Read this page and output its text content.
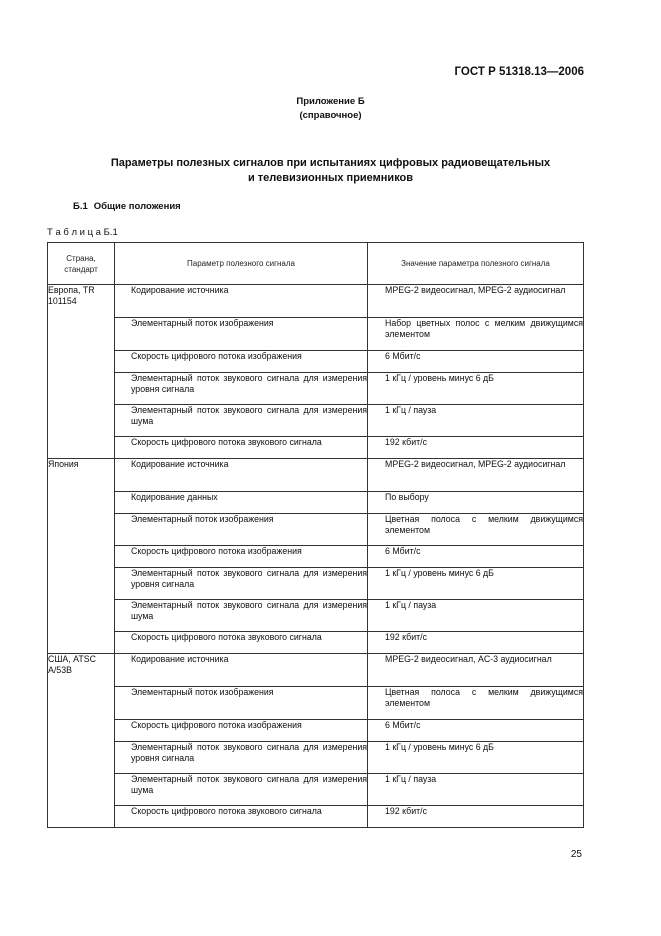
ГОСТ Р 51318.13—2006
Приложение Б
(справочное)
Параметры полезных сигналов при испытаниях цифровых радиовещательных
и телевизионных приемников
Б.1 Общие положения
Т а б л и ц а Б.1
Страна, стандарт	Параметр полезного сигнала	Значение параметра полезного сигнала
Европа, TR 101154	Кодирование источника	MPEG-2 видеосигнал, MPEG-2 аудиосигнал

	Элементарный поток изображения	Набор цветных полос с мелким движущимся элементом

	Скорость цифрового потока изображения	6 Мбит/с

	Элементарный поток звукового сигнала для измерения уровня сигнала	1 кГц / уровень минус 6 дБ

	Элементарный поток звукового сигнала для измерения шума	1 кГц / пауза

	Скорость цифрового потока звукового сигнала	192 кбит/с

Япония	Кодирование источника	MPEG-2 видеосигнал, MPEG-2 аудиосигнал

	Кодирование данных	По выбору

	Элементарный поток изображения	Цветная полоса с мелким движущимся элементом

	Скорость цифрового потока изображения	6 Мбит/с

	Элементарный поток звукового сигнала для измерения уровня сигнала	1 кГц / уровень минус 6 дБ

	Элементарный поток звукового сигнала для измерения шума	1 кГц / пауза

	Скорость цифрового потока звукового сигнала	192 кбит/с

США, ATSC A/53B	Кодирование источника	MPEG-2 видеосигнал, AC-3 аудиосигнал

	Элементарный поток изображения	Цветная полоса с мелким движущимся элементом

	Скорость цифрового потока изображения	6 Мбит/с

	Элементарный поток звукового сигнала для измерения уровня сигнала	1 кГц / уровень минус 6 дБ

	Элементарный поток звукового сигнала для измерения шума	1 кГц / пауза

	Скорость цифрового потока звукового сигнала	192 кбит/с
25
